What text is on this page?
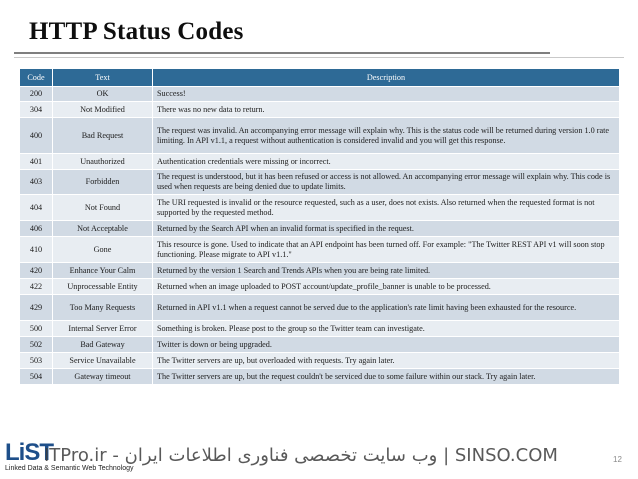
HTTP Status Codes
Code	Text	Description
200	OK	Success!
304	Not Modified	There was no new data to return.
400	Bad Request	The request was invalid. An accompanying error message will explain why. This is the status code will be returned during version 1.0 rate limiting. In API v1.1, a request without authentication is considered invalid and you will get this response.
401	Unauthorized	Authentication credentials were missing or incorrect.
403	Forbidden	The request is understood, but it has been refused or access is not allowed. An accompanying error message will explain why. This code is used when requests are being denied due to update limits.
404	Not Found	The URI requested is invalid or the resource requested, such as a user, does not exists. Also returned when the requested format is not supported by the requested method.
406	Not Acceptable	Returned by the Search API when an invalid format is specified in the request.
410	Gone	This resource is gone. Used to indicate that an API endpoint has been turned off. For example: "The Twitter REST API v1 will soon stop functioning. Please migrate to API v1.1."
420	Enhance Your Calm	Returned by the version 1 Search and Trends APIs when you are being rate limited.
422	Unprocessable Entity	Returned when an image uploaded to POST account/update_profile_banner is unable to be processed.
429	Too Many Requests	Returned in API v1.1 when a request cannot be served due to the application's rate limit having been exhausted for the resource.
500	Internal Server Error	Something is broken. Please post to the group so the Twitter team can investigate.
502	Bad Gateway	Twitter is down or being upgraded.
503	Service Unavailable	The Twitter servers are up, but overloaded with requests. Try again later.
504	Gateway timeout	The Twitter servers are up, but the request couldn't be serviced due to some failure within our stack. Try again later.
LiST
Linked Data & Semantic Web Technology
ITPro.ir - وب سایت تخصصی فناوری اطلاعات ایران | SINSO.COM	12
